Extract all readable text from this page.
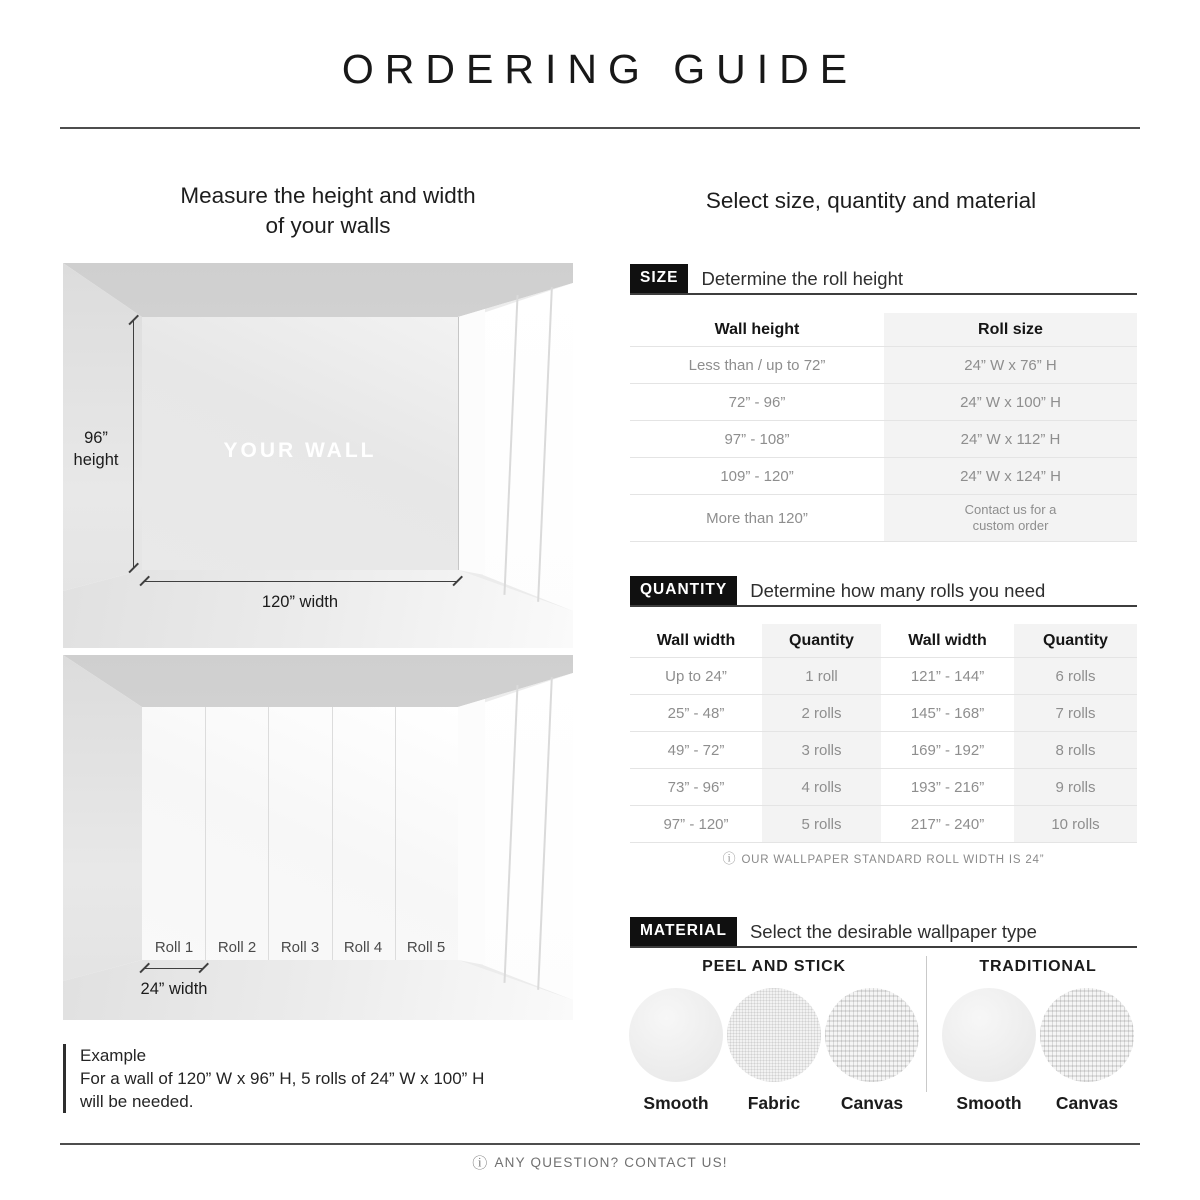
ORDERING GUIDE
Measure the height and width
of your walls
Select size, quantity and material
YOUR WALL
96”
height
120” width
Roll 1	Roll 2	Roll 3	Roll 4	Roll 5
24” width
Example
For a wall of 120” W x 96” H, 5 rolls of 24” W x 100” H
will be needed.
SIZE	Determine the roll height
Wall height	Roll size
Less than / up to 72”	24” W x 76” H
72” - 96”	24” W x 100” H
97” - 108”	24” W x 112” H
109” - 120”	24” W x 124” H
More than 120”	Contact us for a
custom order
QUANTITY	Determine how many rolls you need
Wall width	Quantity	Wall width	Quantity
Up to 24”	1 roll	121” - 144”	6 rolls
25” - 48”	2 rolls	145” - 168”	7 rolls
49” - 72”	3 rolls	169” - 192”	8 rolls
73” - 96”	4 rolls	193” - 216”	9 rolls
97” - 120”	5 rolls	217” - 240”	10 rolls
ⓘ OUR WALLPAPER STANDARD ROLL WIDTH IS 24”
MATERIAL	Select the desirable wallpaper type
PEEL AND STICK
Smooth Fabric Canvas
TRADITIONAL
Smooth Canvas
ⓘ ANY QUESTION? CONTACT US!
